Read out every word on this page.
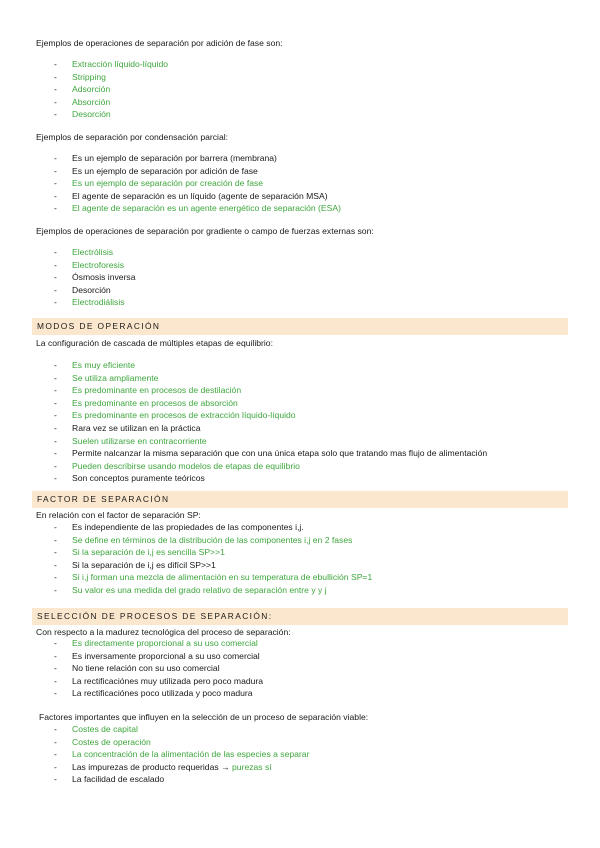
Ejemplos de operaciones de separación por adición de fase son:

- Extracción líquido-líquido
- Stripping
- Adsorción
- Absorción
- Desorción

Ejemplos de separación por condensación parcial:

- Es un ejemplo de separación por barrera (membrana)
- Es un ejemplo de separación por adición de fase
- Es un ejemplo de separación por creación de fase
- El agente de separación es un líquido (agente de separación MSA)
- El agente de separación es un agente energético de separación (ESA)

Ejemplos de operaciones de separación por gradiente o campo de fuerzas externas son:

- Electrólisis
- Electroforesis
- Ósmosis inversa
- Desorción
- Electrodiálisis
MODOS DE OPERACIÓN

La configuración de cascada de múltiples etapas de equilibrio:

- Es muy eficiente
- Se utiliza ampliamente
- Es predominante en procesos de destilación
- Es predominante en procesos de absorción
- Es predominante en procesos de extracción líquido-líquido
- Rara vez se utilizan en la práctica
- Suelen utilizarse en contracorriente
- Permite nalcanzar la misma separación que con una única etapa solo que tratando mas flujo de alimentación
- Pueden describirse usando modelos de etapas de equilibrio
- Son conceptos puramente teóricos
FACTOR DE SEPARACIÓN

En relación con el factor de separación SP:

- Es independiente de las propiedades de las componentes i,j.
- Se define en términos de la distribución de las componentes i,j en 2 fases
- Si la separación de i,j es sencilla SP>>1
- Si la separación de i,j es difícil SP>>1
- Si i,j forman una mezcla de alimentación en su temperatura de ebullición SP=1
- Su valor es una medida del grado relativo de separación entre y y j
SELECCIÓN DE PROCESOS DE SEPARACIÓN:

Con respecto a la madurez tecnológica del proceso de separación:

- Es directamente proporcional a su uso comercial
- Es inversamente proporcional a su uso comercial
- No tiene relación con su uso comercial
- La rectificaciónes muy utilizada pero poco madura
- La rectificaciónes poco utilizada y poco madura

Factores importantes que influyen en la selección de un proceso de separación viable:

- Costes de capital
- Costes de operación
- La concentración de la alimentación de las especies a separar
- Las impurezas de producto requeridas → purezas sí
- La facilidad de escalado
